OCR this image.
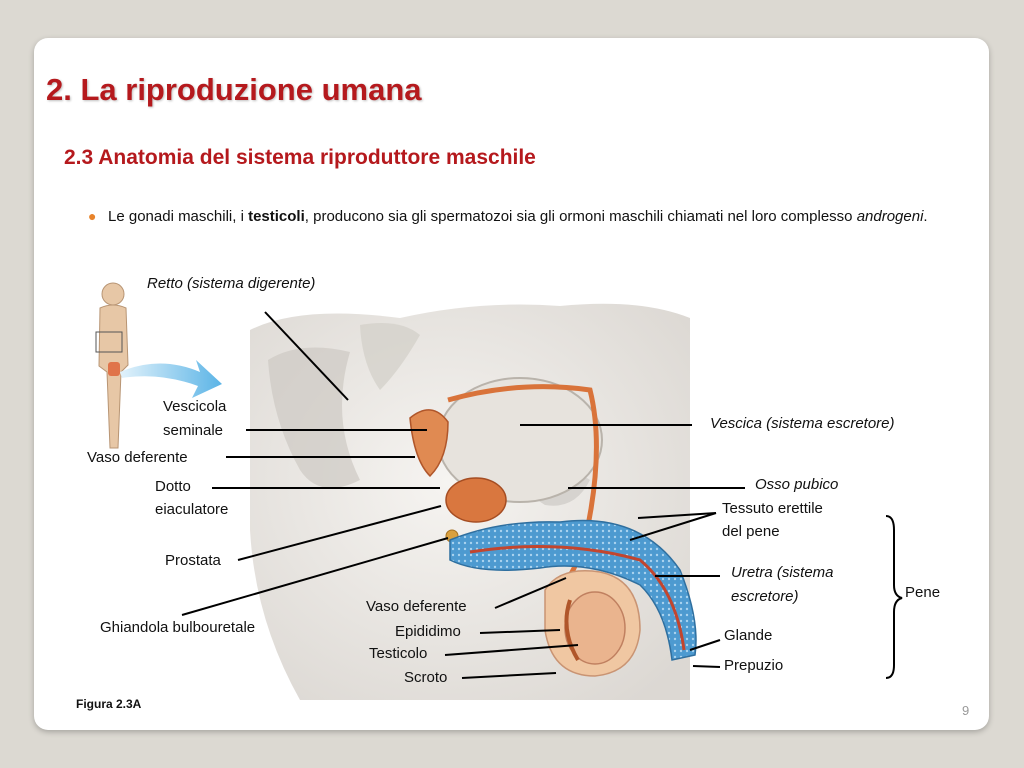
2. La riproduzione umana
2.3 Anatomia del sistema riproduttore maschile
● Le gonadi maschili, i testicoli, producono sia gli spermatozoi sia gli ormoni maschili chiamati nel loro complesso androgeni.
Retto (sistema digerente)
Vescicola
seminale
Vaso deferente
Dotto
eiaculatore
Prostata
Ghiandola bulbouretale
Vescica (sistema escretore)
Osso pubico
Tessuto erettile
del pene
Uretra (sistema
escretore)	Pene
Vaso deferente
Epididimo
Testicolo
Scroto
Glande
Prepuzio
Figura 2.3A	9
